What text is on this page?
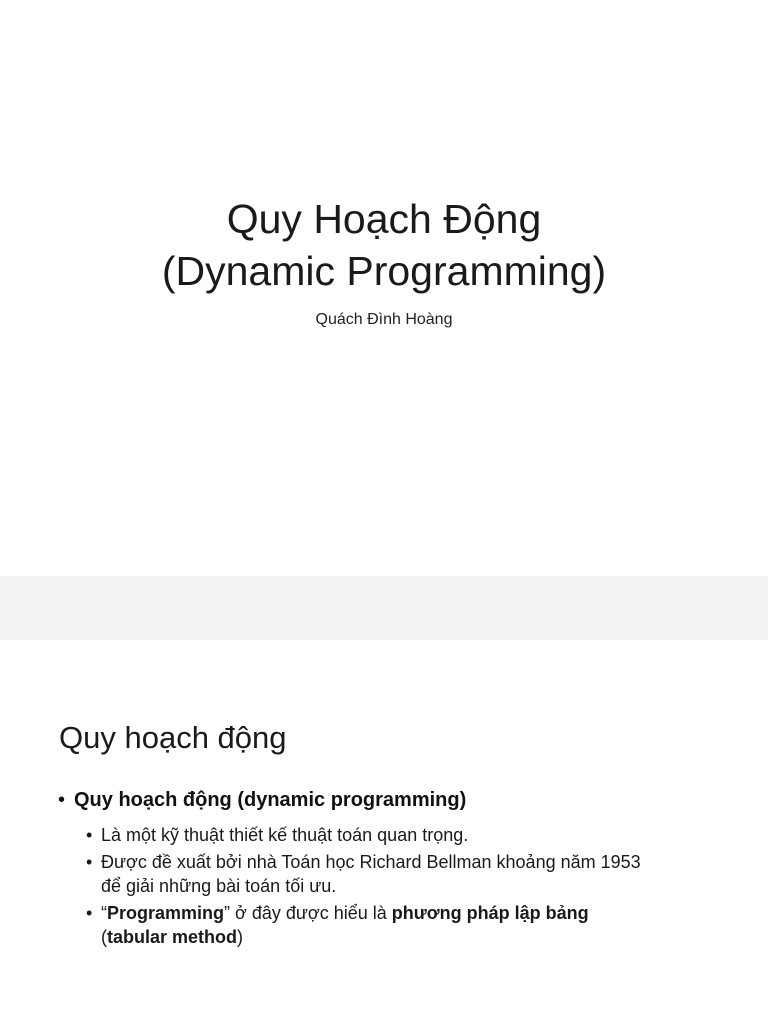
Quy Hoạch Động
(Dynamic Programming)
Quách Đình Hoàng
Quy hoạch động
• Quy hoạch động (dynamic programming)
• Là một kỹ thuật thiết kế thuật toán quan trọng.
• Được đề xuất bởi nhà Toán học Richard Bellman khoảng năm 1953
để giải những bài toán tối ưu.
• “Programming” ở đây được hiểu là phương pháp lập bảng
(tabular method)
